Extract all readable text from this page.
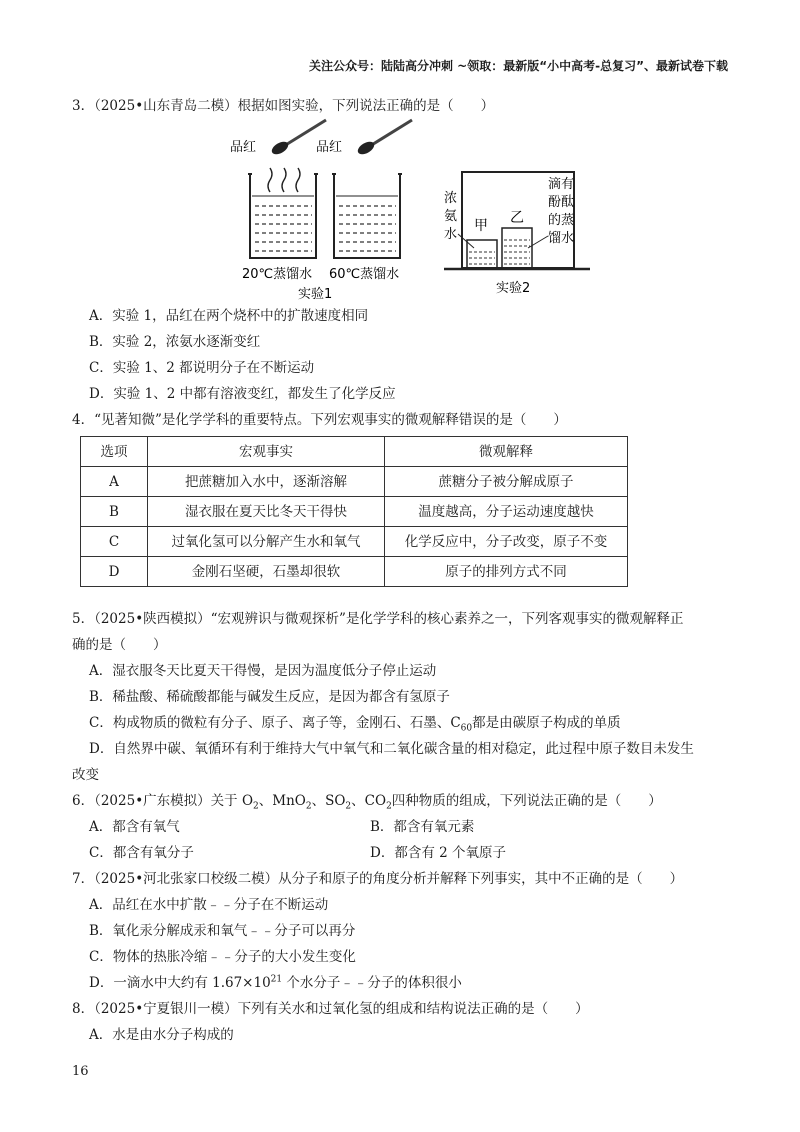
关注公众号：陆陆高分冲刺 ~领取：最新版“小中高考-总复习”、最新试卷下载

3．（2025•山东青岛二模）根据如图实验，下列说法正确的是（　　）

品红
20℃蒸馏水
品红
60℃蒸馏水
实验1
浓
氨
水
甲 乙
滴有
酚酞
的蒸
馏水
实验2

A．实验 1，品红在两个烧杯中的扩散速度相同

B．实验 2，浓氨水逐渐变红

C．实验 1、2 都说明分子在不断运动

D．实验 1、2 中都有溶液变红，都发生了化学反应

4．“见著知微”是化学学科的重要特点。下列宏观事实的微观解释错误的是（　　）

选项	宏观事实	微观解释
A	把蔗糖加入水中，逐渐溶解	蔗糖分子被分解成原子
B	湿衣服在夏天比冬天干得快	温度越高，分子运动速度越快
C	过氧化氢可以分解产生水和氧气	化学反应中，分子改变，原子不变
D	金刚石坚硬，石墨却很软	原子的排列方式不同

5．（2025•陕西模拟）“宏观辨识与微观探析”是化学学科的核心素养之一，下列客观事实的微观解释正

确的是（　　）

A．湿衣服冬天比夏天干得慢，是因为温度低分子停止运动

B．稀盐酸、稀硫酸都能与碱发生反应，是因为都含有氢原子

C．构成物质的微粒有分子、原子、离子等，金刚石、石墨、$C_{60}$都是由碳原子构成的单质

D．自然界中碳、氧循环有利于维持大气中氧气和二氧化碳含量的相对稳定，此过程中原子数目未发生

改变

6．（2025•广东模拟）关于 $O_2$、MnO$_2$、$SO_2$、$CO_2$四种物质的组成，下列说法正确的是（　　）

A．都含有氧气	B．都含有氧元素
C．都含有氧分子	D．都含有 2 个氧原子

7．（2025•河北张家口校级二模）从分子和原子的角度分析并解释下列事实，其中不正确的是（　　）

A．品红在水中扩散﹣﹣分子在不断运动

B．氧化汞分解成汞和氧气﹣﹣分子可以再分

C．物体的热胀冷缩﹣﹣分子的大小发生变化

D．一滴水中大约有 $1.67\times 10^{21}$ 个水分子﹣﹣分子的体积很小

8．（2025•宁夏银川一模）下列有关水和过氧化氢的组成和结构说法正确的是（　　）

A．水是由水分子构成的

16
